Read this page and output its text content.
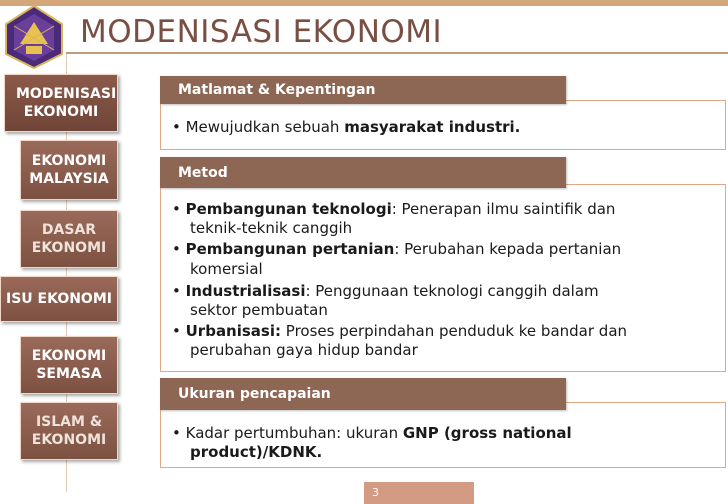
MODENISASI EKONOMI
MODENISASI EKONOMI
EKONOMI MALAYSIA
DASAR EKONOMI
ISU EKONOMI
EKONOMI SEMASA
ISLAM & EKONOMI
Matlamat & Kepentingan
Metod
Ukuran pencapaian
• Mewujudkan sebuah masyarakat industri.
• Pembangunan teknologi: Penerapan ilmu saintifik dan
teknik-teknik canggih
• Pembangunan pertanian: Perubahan kepada pertanian
komersial
• Industrialisasi: Penggunaan teknologi canggih dalam
sektor pembuatan
• Urbanisasi: Proses perpindahan penduduk ke bandar dan
perubahan gaya hidup bandar
• Kadar pertumbuhan: ukuran GNP (gross national
product)/KDNK.
3
